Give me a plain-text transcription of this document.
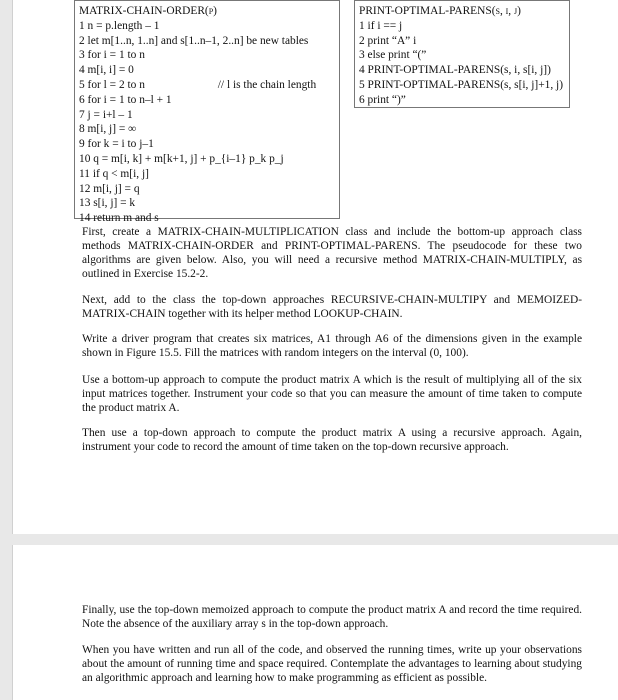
MATRIX-CHAIN-ORDER(p)
1 n = p.length – 1
2 let m[1..n, 1..n] and s[1..n–1, 2..n] be new tables
3 for i = 1 to n
4 m[i, i] = 0
5 for l = 2 to n	// l is the chain length
6 for i = 1 to n–l + 1
7 j = i+l – 1
8 m[i, j] = ∞
9 for k = i to j–1
10 q = m[i, k] + m[k+1, j] + p_{i–1} p_k p_j
11 if q < m[i, j]
12 m[i, j] = q
13 s[i, j] = k
14 return m and s
PRINT-OPTIMAL-PARENS(s, i, j)
1 if i == j
2 print “A” i
3 else print “(”
4 PRINT-OPTIMAL-PARENS(s, i, s[i, j])
5 PRINT-OPTIMAL-PARENS(s, s[i, j]+1, j)
6 print “)”

First, create a MATRIX-CHAIN-MULTIPLICATION class and include the bottom-up approach class methods MATRIX-CHAIN-ORDER and PRINT-OPTIMAL-PARENS. The pseudocode for these two algorithms are given below. Also, you will need a recursive method MATRIX-CHAIN-MULTIPLY, as outlined in Exercise 15.2-2.

Next, add to the class the top-down approaches RECURSIVE-CHAIN-MULTIPY and MEMOIZED-MATRIX-CHAIN together with its helper method LOOKUP-CHAIN.

Write a driver program that creates six matrices, A1 through A6 of the dimensions given in the example shown in Figure 15.5. Fill the matrices with random integers on the interval (0, 100).

Use a bottom-up approach to compute the product matrix A which is the result of multiplying all of the six input matrices together. Instrument your code so that you can measure the amount of time taken to compute the product matrix A.

Then use a top-down approach to compute the product matrix A using a recursive approach. Again, instrument your code to record the amount of time taken on the top-down recursive approach.

Finally, use the top-down memoized approach to compute the product matrix A and record the time required. Note the absence of the auxiliary array s in the top-down approach.

When you have written and run all of the code, and observed the running times, write up your observations about the amount of running time and space required. Contemplate the advantages to learning about studying an algorithmic approach and learning how to make programming as efficient as possible.
